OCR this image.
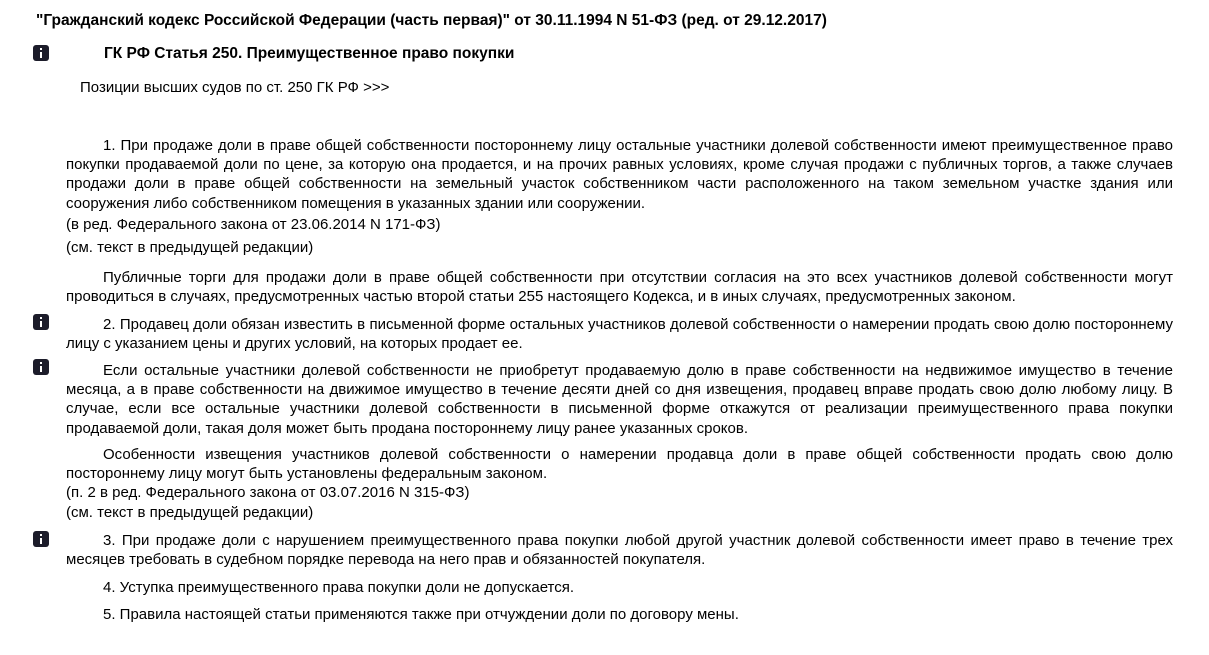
"Гражданский кодекс Российской Федерации (часть первая)" от 30.11.1994 N 51-ФЗ (ред. от 29.12.2017)
ГК РФ Статья 250. Преимущественное право покупки
Позиции высших судов по ст. 250 ГК РФ >>>

1. При продаже доли в праве общей собственности постороннему лицу остальные участники долевой собственности имеют преимущественное право покупки продаваемой доли по цене, за которую она продается, и на прочих равных условиях, кроме случая продажи с публичных торгов, а также случаев продажи доли в праве общей собственности на земельный участок собственником части расположенного на таком земельном участке здания или сооружения либо собственником помещения в указанных здании или сооружении.

(в ред. Федерального закона от 23.06.2014 N 171-ФЗ)
(см. текст в предыдущей редакции)

Публичные торги для продажи доли в праве общей собственности при отсутствии согласия на это всех участников долевой собственности могут проводиться в случаях, предусмотренных частью второй статьи 255 настоящего Кодекса, и в иных случаях, предусмотренных законом.

2. Продавец доли обязан известить в письменной форме остальных участников долевой собственности о намерении продать свою долю постороннему лицу с указанием цены и других условий, на которых продает ее.

Если остальные участники долевой собственности не приобретут продаваемую долю в праве собственности на недвижимое имущество в течение месяца, а в праве собственности на движимое имущество в течение десяти дней со дня извещения, продавец вправе продать свою долю любому лицу. В случае, если все остальные участники долевой собственности в письменной форме откажутся от реализации преимущественного права покупки продаваемой доли, такая доля может быть продана постороннему лицу ранее указанных сроков.

Особенности извещения участников долевой собственности о намерении продавца доли в праве общей собственности продать свою долю постороннему лицу могут быть установлены федеральным законом.

(п. 2 в ред. Федерального закона от 03.07.2016 N 315-ФЗ)
(см. текст в предыдущей редакции)

3. При продаже доли с нарушением преимущественного права покупки любой другой участник долевой собственности имеет право в течение трех месяцев требовать в судебном порядке перевода на него прав и обязанностей покупателя.

4. Уступка преимущественного права покупки доли не допускается.

5. Правила настоящей статьи применяются также при отчуждении доли по договору мены.
